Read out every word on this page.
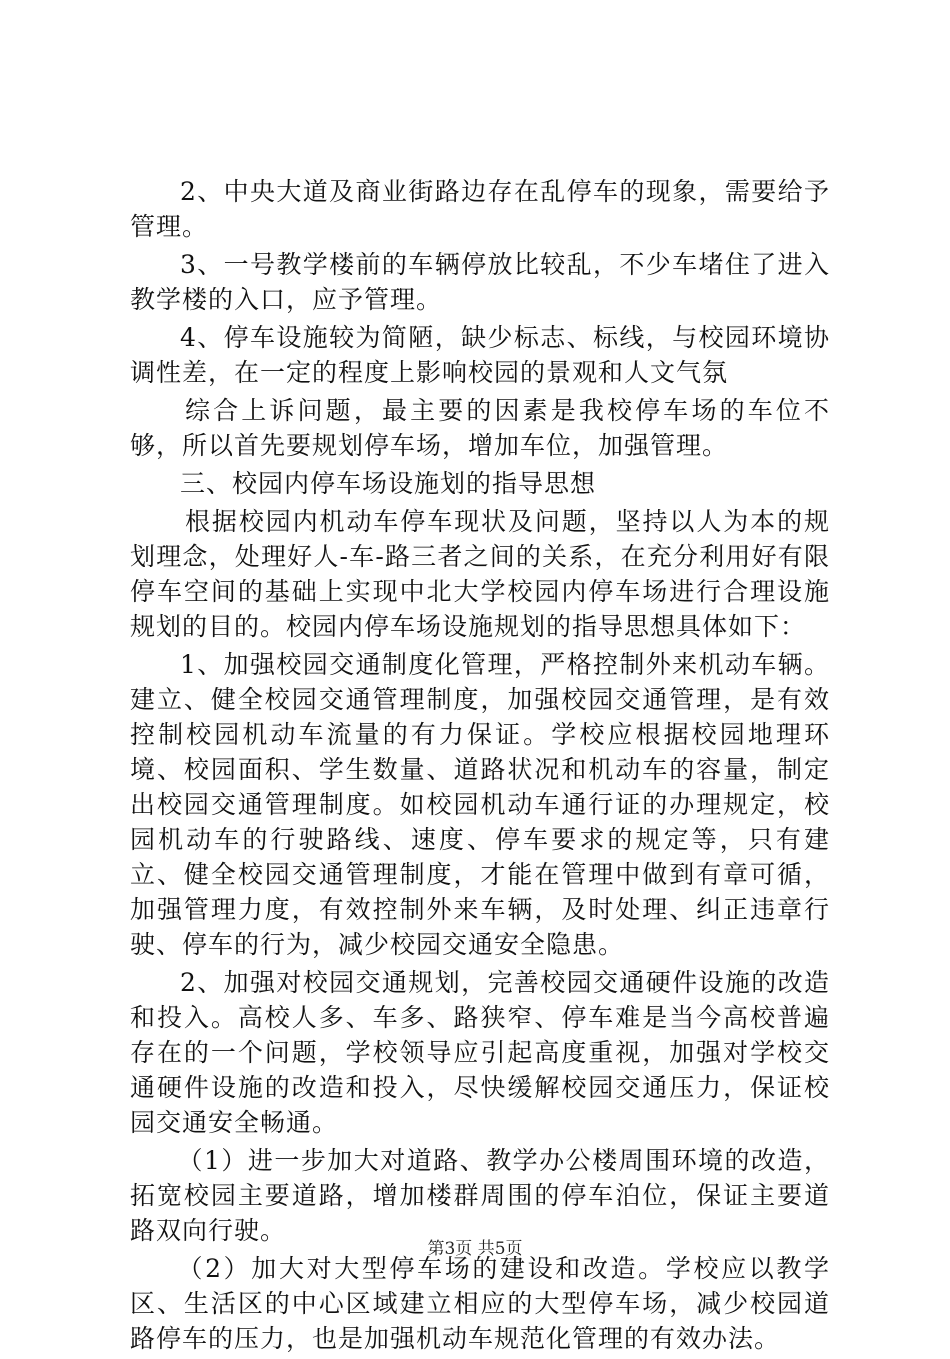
2、中央大道及商业街路边存在乱停车的现象，需要给予管理。

3、一号教学楼前的车辆停放比较乱，不少车堵住了进入教学楼的入口，应予管理。

4、停车设施较为简陋，缺少标志、标线，与校园环境协调性差，在一定的程度上影响校园的景观和人文气氛

综合上诉问题，最主要的因素是我校停车场的车位不够，所以首先要规划停车场，增加车位，加强管理。

三、校园内停车场设施划的指导思想

根据校园内机动车停车现状及问题，坚持以人为本的规划理念，处理好人-车-路三者之间的关系，在充分利用好有限停车空间的基础上实现中北大学校园内停车场进行合理设施规划的目的。校园内停车场设施规划的指导思想具体如下：

1、加强校园交通制度化管理，严格控制外来机动车辆。建立、健全校园交通管理制度，加强校园交通管理，是有效控制校园机动车流量的有力保证。学校应根据校园地理环境、校园面积、学生数量、道路状况和机动车的容量，制定出校园交通管理制度。如校园机动车通行证的办理规定，校园机动车的行驶路线、速度、停车要求的规定等，只有建立、健全校园交通管理制度，才能在管理中做到有章可循，加强管理力度，有效控制外来车辆，及时处理、纠正违章行驶、停车的行为，减少校园交通安全隐患。

2、加强对校园交通规划，完善校园交通硬件设施的改造和投入。高校人多、车多、路狭窄、停车难是当今高校普遍存在的一个问题，学校领导应引起高度重视，加强对学校交通硬件设施的改造和投入，尽快缓解校园交通压力，保证校园交通安全畅通。

（1）进一步加大对道路、教学办公楼周围环境的改造，拓宽校园主要道路，增加楼群周围的停车泊位，保证主要道路双向行驶。

（2）加大对大型停车场的建设和改造。学校应以教学区、生活区的中心区域建立相应的大型停车场，减少校园道路停车的压力，也是加强机动车规范化管理的有效办法。

第3页 共5页
